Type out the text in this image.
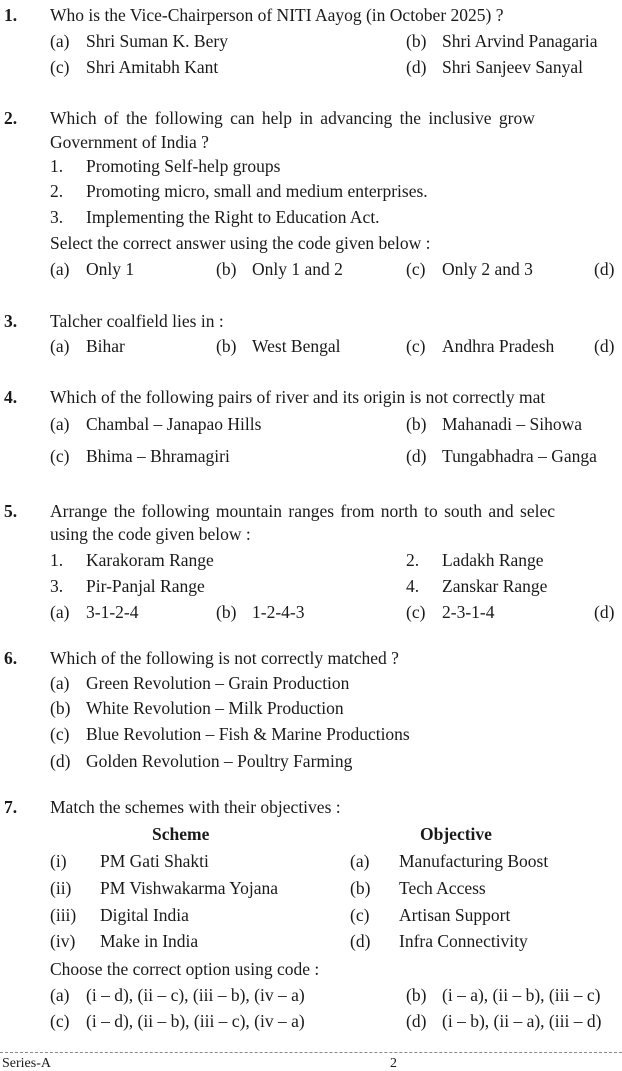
1. Who is the Vice-Chairperson of NITI Aayog (in October 2025) ?
(a) Shri Suman K. Bery	(b) Shri Arvind Panagaria
(c) Shri Amitabh Kant	(d) Shri Sanjeev Sanyal
2. Which of the following can help in advancing the inclusive grow
Government of India ?
1. Promoting Self-help groups
2. Promoting micro, small and medium enterprises.
3. Implementing the Right to Education Act.
Select the correct answer using the code given below :
(a) Only 1	(b) Only 1 and 2	(c) Only 2 and 3	(d)
3. Talcher coalfield lies in :
(a) Bihar	(b) West Bengal	(c) Andhra Pradesh (d)
4. Which of the following pairs of river and its origin is not correctly mat
(a) Chambal – Janapao Hills	(b) Mahanadi – Sihowa
(c) Bhima – Bhramagiri	(d) Tungabhadra – Ganga
5. Arrange the following mountain ranges from north to south and selec
using the code given below :
1. Karakoram Range	2. Ladakh Range
3. Pir-Panjal Range	4. Zanskar Range
(a) 3-1-2-4	(b) 1-2-4-3	(c) 2-3-1-4	(d)
6. Which of the following is not correctly matched ?
(a) Green Revolution – Grain Production
(b) White Revolution – Milk Production
(c) Blue Revolution – Fish & Marine Productions
(d) Golden Revolution – Poultry Farming
7. Match the schemes with their objectives :
Scheme	Objective
(i) PM Gati Shakti	(a) Manufacturing Boost
(ii) PM Vishwakarma Yojana	(b) Tech Access
(iii) Digital India	(c) Artisan Support
(iv) Make in India	(d) Infra Connectivity
Choose the correct option using code :
(a) (i – d), (ii – c), (iii – b), (iv – a)	(b) (i – a), (ii – b), (iii – c)
(c) (i – d), (ii – b), (iii – c), (iv – a)	(d) (i – b), (ii – a), (iii – d)
Series-A	2
